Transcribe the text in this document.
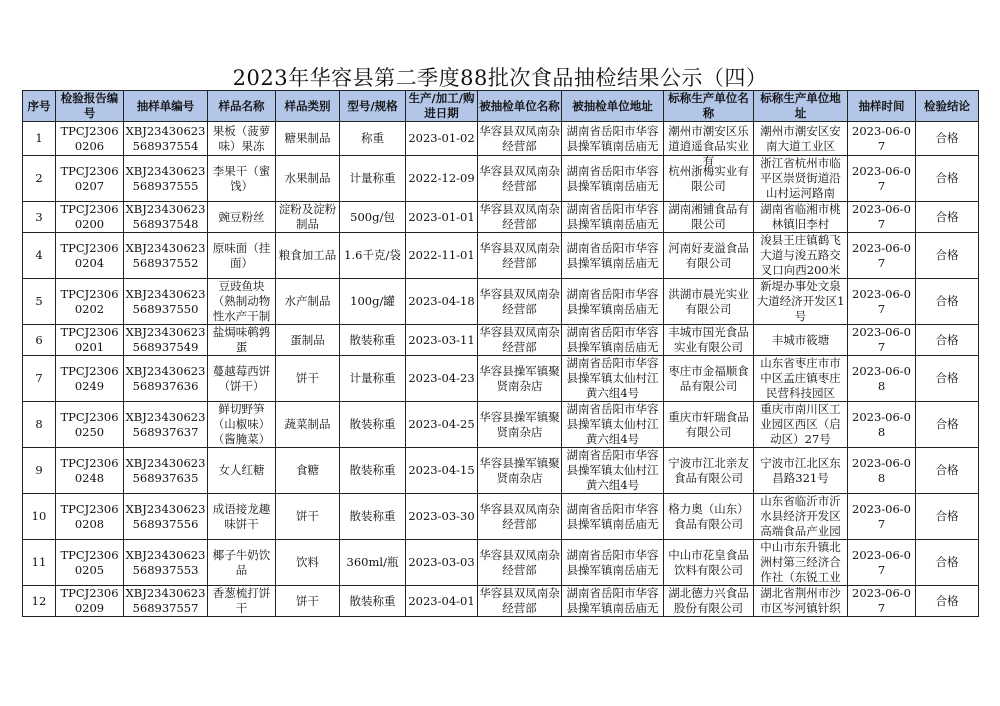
2023年华容县第二季度88批次食品抽检结果公示（四）
序号	检验报告编号	抽样单编号	样品名称	样品类别	型号/规格	生产/加工/购进日期	被抽检单位名称	被抽检单位地址	标称生产单位名称	标称生产单位地址	抽样时间	检验结论

1	TPCJ23060206	XBJ23430623568937554	果板（菠萝味）果冻	糖果制品	称重	2023-01-02	华容县双凤南杂经营部	湖南省岳阳市华容县操军镇南岳庙无	潮州市潮安区乐道逍遥食品实业有	潮州市潮安区安南大道工业区	2023-06-07	合格

2	TPCJ23060207	XBJ23430623568937555	李果干（蜜饯）	水果制品	计量称重	2022-12-09	华容县双凤南杂经营部	湖南省岳阳市华容县操军镇南岳庙无	杭州浙梅实业有限公司	浙江省杭州市临平区崇贤街道沿山村运河路南	2023-06-07	合格

3	TPCJ23060200	XBJ23430623568937548	豌豆粉丝	淀粉及淀粉制品	500g/包	2023-01-01	华容县双凤南杂经营部	湖南省岳阳市华容县操军镇南岳庙无	湖南湘铺食品有限公司	湖南省临湘市桃林镇旧李村	2023-06-07	合格

4	TPCJ23060204	XBJ23430623568937552	原味面（挂面）	粮食加工品	1.6千克/袋	2022-11-01	华容县双凤南杂经营部	湖南省岳阳市华容县操军镇南岳庙无	河南好麦溢食品有限公司	浚县王庄镇鹤飞大道与浚五路交叉口向西200米	2023-06-07	合格

5	TPCJ23060202	XBJ23430623568937550	豆豉鱼块（熟制动物性水产干制	水产制品	100g/罐	2023-04-18	华容县双凤南杂经营部	湖南省岳阳市华容县操军镇南岳庙无	洪湖市晨光实业有限公司	新堤办事处文泉大道经济开发区1号	2023-06-07	合格

6	TPCJ23060201	XBJ23430623568937549	盐焗味鹌鹑蛋	蛋制品	散装称重	2023-03-11	华容县双凤南杂经营部	湖南省岳阳市华容县操军镇南岳庙无	丰城市国光食品实业有限公司	丰城市筱塘	2023-06-07	合格

7	TPCJ23060249	XBJ23430623568937636	蔓越莓西饼（饼干）	饼干	计量称重	2023-04-23	华容县操军镇聚贤南杂店	湖南省岳阳市华容县操军镇太仙村江黄六组4号	枣庄市金福顺食品有限公司	山东省枣庄市市中区孟庄镇枣庄民营科技园区	2023-06-08	合格

8	TPCJ23060250	XBJ23430623568937637	鲜切野笋（山椒味）（酱腌菜）	蔬菜制品	散装称重	2023-04-25	华容县操军镇聚贤南杂店	湖南省岳阳市华容县操军镇太仙村江黄六组4号	重庆市轩瑞食品有限公司	重庆市南川区工业园区西区（启动区）27号	2023-06-08	合格

9	TPCJ23060248	XBJ23430623568937635	女人红糖	食糖	散装称重	2023-04-15	华容县操军镇聚贤南杂店	湖南省岳阳市华容县操军镇太仙村江黄六组4号	宁波市江北亲友食品有限公司	宁波市江北区东昌路321号	2023-06-08	合格

10	TPCJ23060208	XBJ23430623568937556	成语接龙趣味饼干	饼干	散装称重	2023-03-30	华容县双凤南杂经营部	湖南省岳阳市华容县操军镇南岳庙无	格力奥（山东）食品有限公司	山东省临沂市沂水县经济开发区高端食品产业园	2023-06-07	合格

11	TPCJ23060205	XBJ23430623568937553	椰子牛奶饮品	饮料	360ml/瓶	2023-03-03	华容县双凤南杂经营部	湖南省岳阳市华容县操军镇南岳庙无	中山市花皇食品饮料有限公司	中山市东升镇北洲村第三经济合作社（东锐工业	2023-06-07	合格

12	TPCJ23060209	XBJ23430623568937557	香葱梳打饼干	饼干	散装称重	2023-04-01	华容县双凤南杂经营部	湖南省岳阳市华容县操军镇南岳庙无	湖北德力兴食品股份有限公司	湖北省荆州市沙市区岑河镇针织	2023-06-07	合格
